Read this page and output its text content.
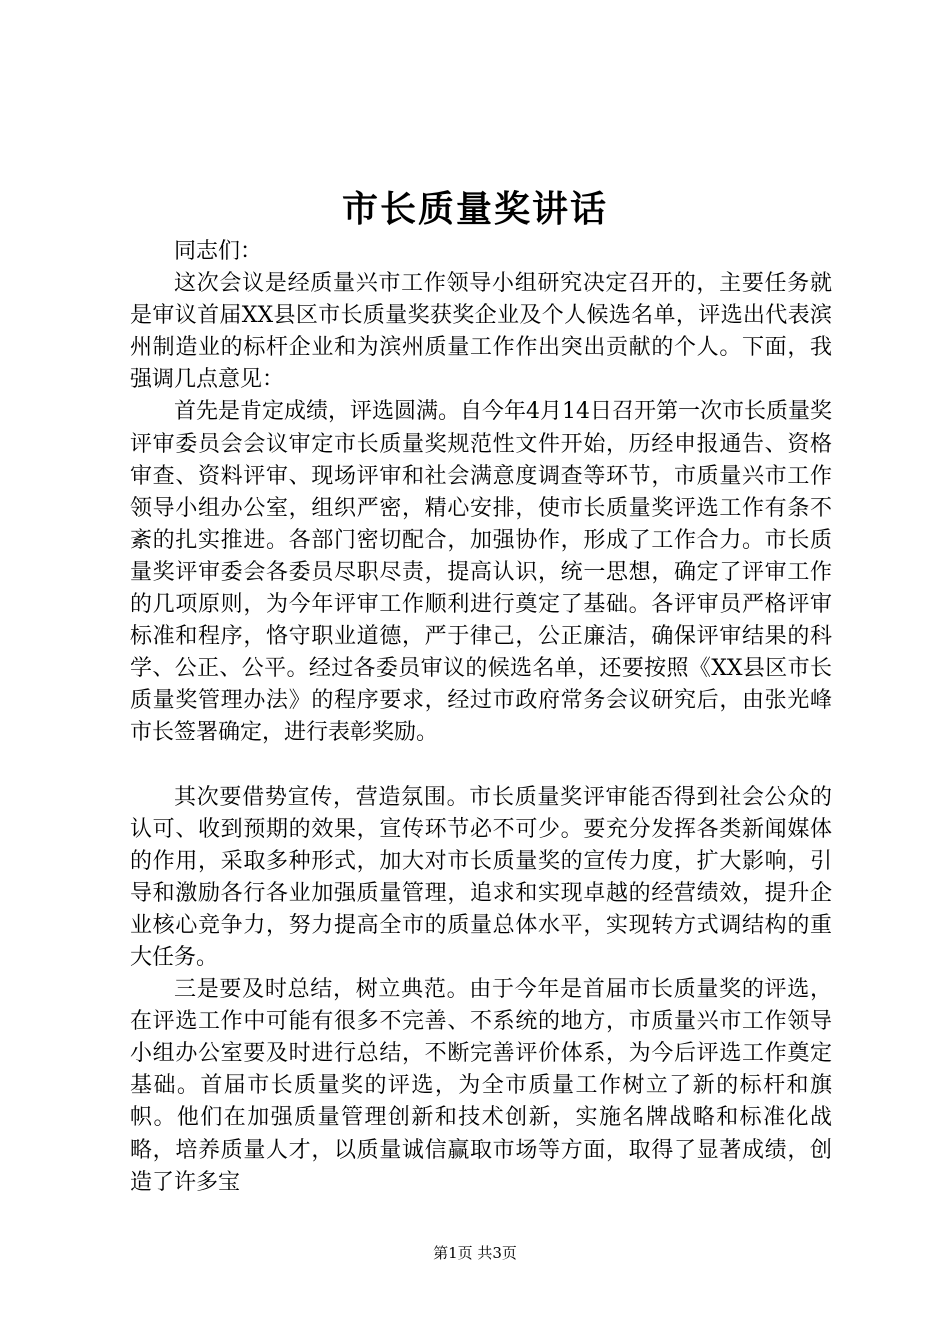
市长质量奖讲话

同志们：

这次会议是经质量兴市工作领导小组研究决定召开的，主要任务就是审议首届XX县区市长质量奖获奖企业及个人候选名单，评选出代表滨州制造业的标杆企业和为滨州质量工作作出突出贡献的个人。下面，我强调几点意见：

首先是肯定成绩，评选圆满。自今年4月14日召开第一次市长质量奖评审委员会会议审定市长质量奖规范性文件开始，历经申报通告、资格审查、资料评审、现场评审和社会满意度调查等环节，市质量兴市工作领导小组办公室，组织严密，精心安排，使市长质量奖评选工作有条不紊的扎实推进。各部门密切配合，加强协作，形成了工作合力。市长质量奖评审委会各委员尽职尽责，提高认识，统一思想，确定了评审工作的几项原则，为今年评审工作顺利进行奠定了基础。各评审员严格评审标准和程序，恪守职业道德，严于律己，公正廉洁，确保评审结果的科学、公正、公平。经过各委员审议的候选名单，还要按照《XX县区市长质量奖管理办法》的程序要求，经过市政府常务会议研究后，由张光峰市长签署确定，进行表彰奖励。

其次要借势宣传，营造氛围。市长质量奖评审能否得到社会公众的认可、收到预期的效果，宣传环节必不可少。要充分发挥各类新闻媒体的作用，采取多种形式，加大对市长质量奖的宣传力度，扩大影响，引导和激励各行各业加强质量管理，追求和实现卓越的经营绩效，提升企业核心竞争力，努力提高全市的质量总体水平，实现转方式调结构的重大任务。

三是要及时总结，树立典范。由于今年是首届市长质量奖的评选，在评选工作中可能有很多不完善、不系统的地方，市质量兴市工作领导小组办公室要及时进行总结，不断完善评价体系，为今后评选工作奠定基础。首届市长质量奖的评选，为全市质量工作树立了新的标杆和旗帜。他们在加强质量管理创新和技术创新，实施名牌战略和标准化战略，培养质量人才，以质量诚信赢取市场等方面，取得了显著成绩，创造了许多宝

第1页 共3页
